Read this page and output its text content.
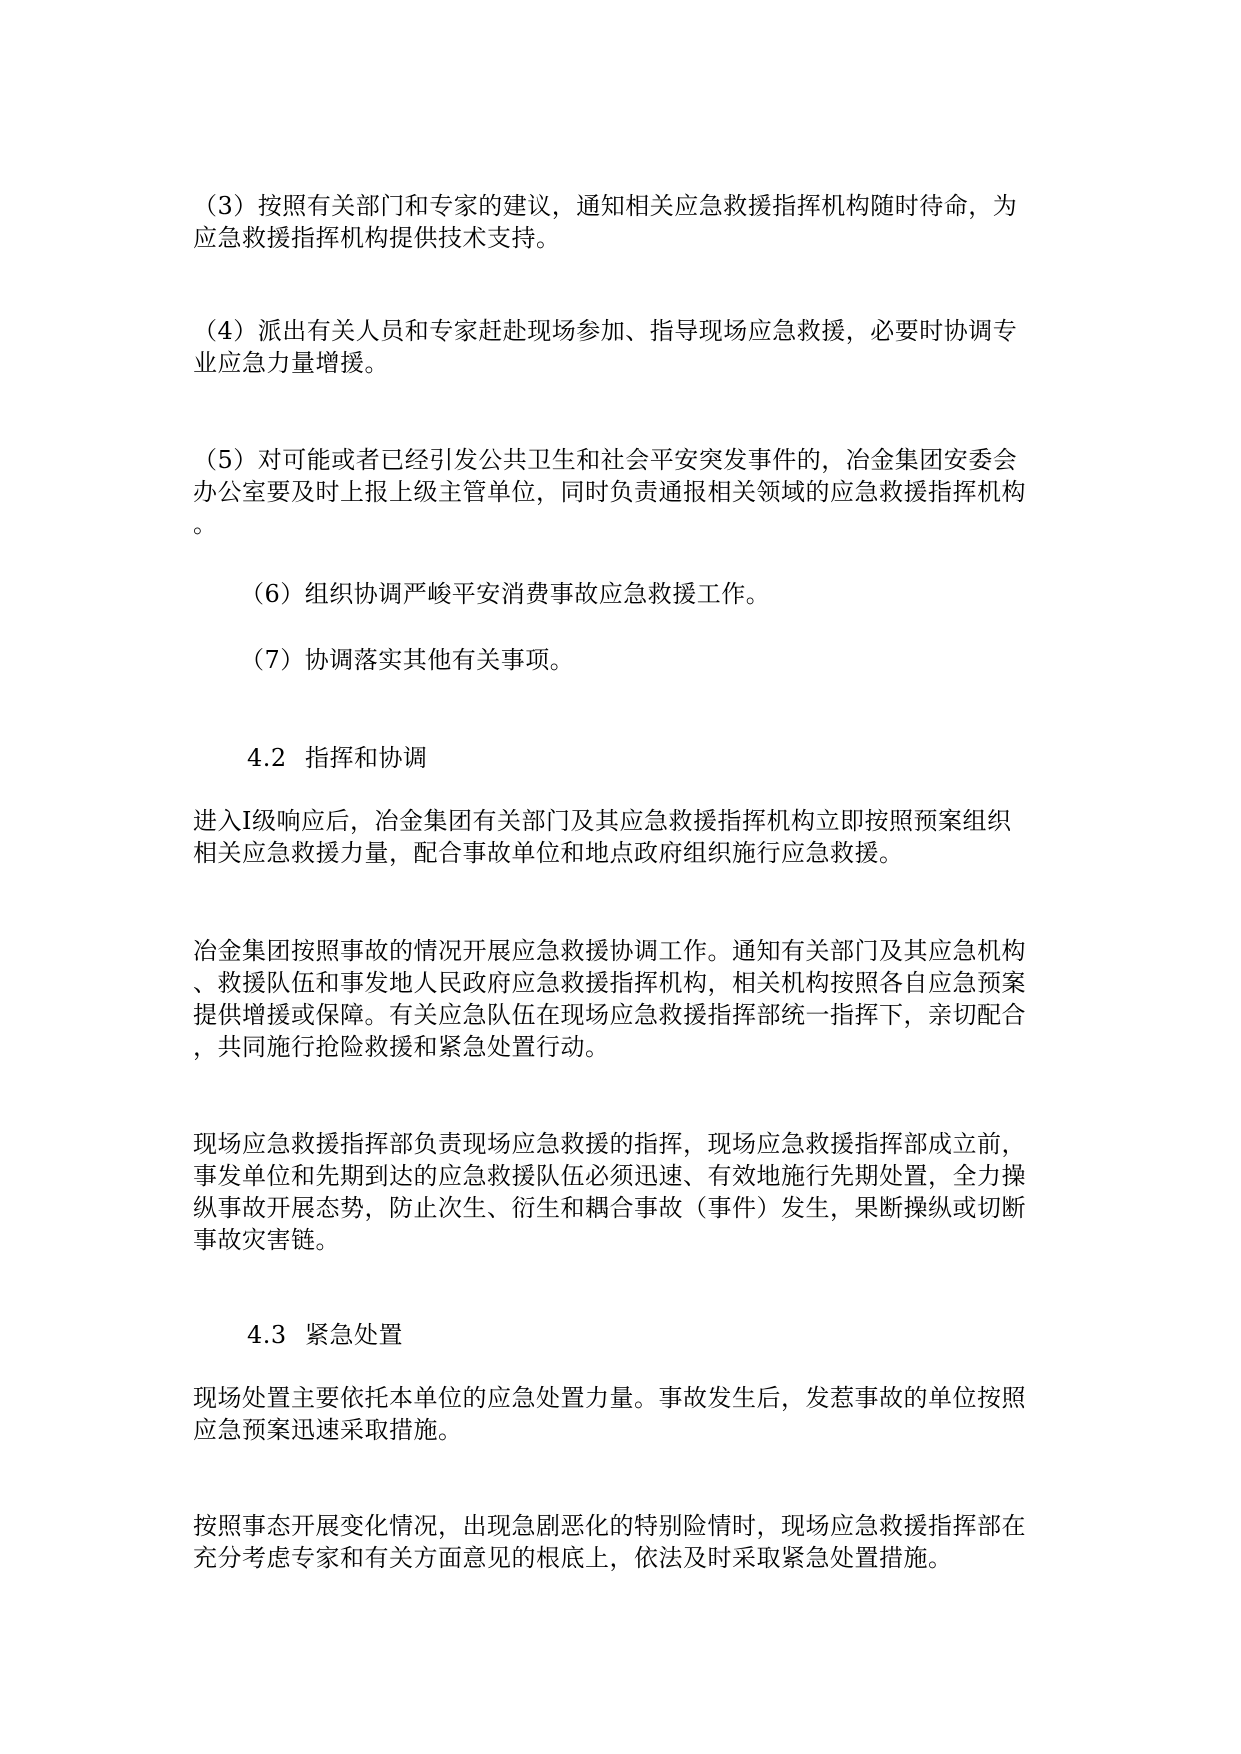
（3）按照有关部门和专家的建议，通知相关应急救援指挥机构随时待命，为
应急救援指挥机构提供技术支持。
（4）派出有关人员和专家赶赴现场参加、指导现场应急救援，必要时协调专
业应急力量增援。
（5）对可能或者已经引发公共卫生和社会平安突发事件的，冶金集团安委会
办公室要及时上报上级主管单位，同时负责通报相关领域的应急救援指挥机构
。
（6）组织协调严峻平安消费事故应急救援工作。
（7）协调落实其他有关事项。

4.2 指挥和协调

进入Ⅰ级响应后，冶金集团有关部门及其应急救援指挥机构立即按照预案组织
相关应急救援力量，配合事故单位和地点政府组织施行应急救援。
冶金集团按照事故的情况开展应急救援协调工作。通知有关部门及其应急机构
、救援队伍和事发地人民政府应急救援指挥机构，相关机构按照各自应急预案
提供增援或保障。有关应急队伍在现场应急救援指挥部统一指挥下，亲切配合
，共同施行抢险救援和紧急处置行动。
现场应急救援指挥部负责现场应急救援的指挥，现场应急救援指挥部成立前，
事发单位和先期到达的应急救援队伍必须迅速、有效地施行先期处置，全力操
纵事故开展态势，防止次生、衍生和耦合事故（事件）发生，果断操纵或切断
事故灾害链。

4.3 紧急处置

现场处置主要依托本单位的应急处置力量。事故发生后，发惹事故的单位按照
应急预案迅速采取措施。
按照事态开展变化情况，出现急剧恶化的特别险情时，现场应急救援指挥部在
充分考虑专家和有关方面意见的根底上，依法及时采取紧急处置措施。
